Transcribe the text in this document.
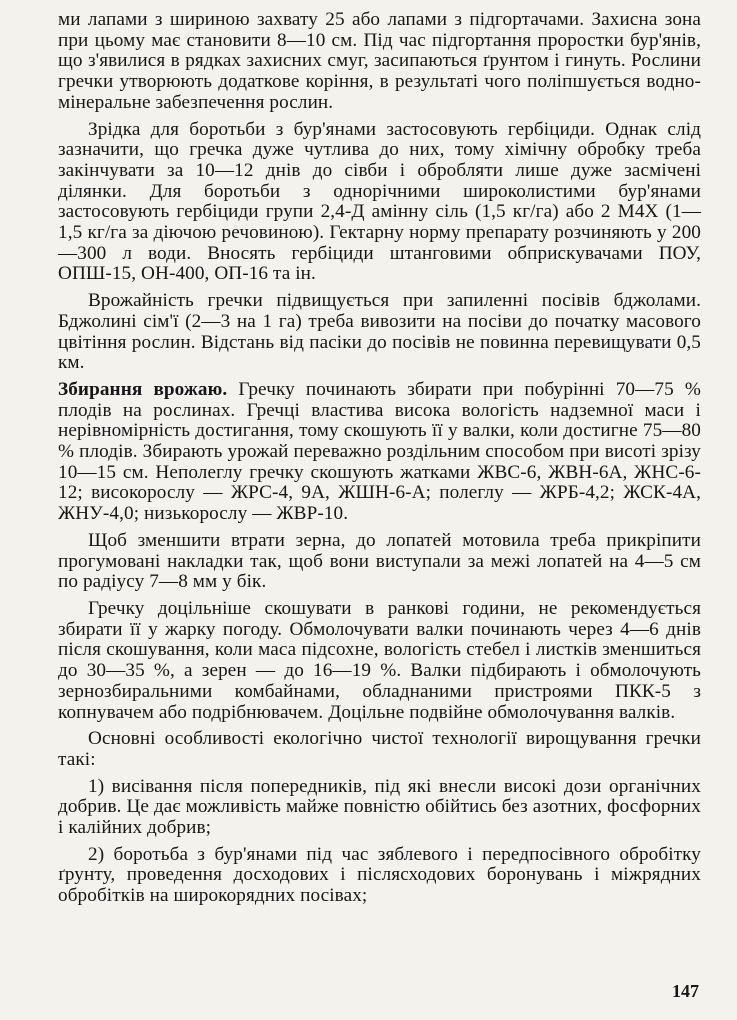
ми лапами з шириною захвату 25 або лапами з підгортачами. Захисна зона при цьому має становити 8—10 см. Під час підгортання проростки бур'янів, що з'явилися в рядках захисних смуг, засипаються ґрунтом і гинуть. Рослини гречки утворюють додаткове коріння, в результаті чого поліпшується водно-мінеральне забезпечення рослин.

Зрідка для боротьби з бур'янами застосовують гербіциди. Однак слід зазначити, що гречка дуже чутлива до них, тому хімічну обробку треба закінчувати за 10—12 днів до сівби і обробляти лише дуже засмічені ділянки. Для боротьби з однорічними широколистими бур'янами застосовують гербіциди групи 2,4-Д амінну сіль (1,5 кг/га) або 2 М4Х (1—1,5 кг/га за діючою речовиною). Гектарну норму препарату розчиняють у 200—300 л води. Вносять гербіциди штанговими обприскувачами ПОУ, ОПШ-15, ОН-400, ОП-16 та ін.

Врожайність гречки підвищується при запиленні посівів бджолами. Бджолині сім'ї (2—3 на 1 га) треба вивозити на посіви до початку масового цвітіння рослин. Відстань від пасіки до посівів не повинна перевищувати 0,5 км.

Збирання врожаю. Гречку починають збирати при побурінні 70—75 % плодів на рослинах. Гречці властива висока вологість надземної маси і нерівномірність достигання, тому скошують її у валки, коли достигне 75—80 % плодів. Збирають урожай переважно роздільним способом при висоті зрізу 10—15 см. Неполеглу гречку скошують жатками ЖВС-6, ЖВН-6А, ЖНС-6-12; високорослу — ЖРС-4, 9А, ЖШН-6-А; полеглу — ЖРБ-4,2; ЖСК-4А, ЖНУ-4,0; низькорослу — ЖВР-10.

Щоб зменшити втрати зерна, до лопатей мотовила треба прикріпити прогумовані накладки так, щоб вони виступали за межі лопатей на 4—5 см по радіусу 7—8 мм у бік.

Гречку доцільніше скошувати в ранкові години, не рекомендується збирати її у жарку погоду. Обмолочувати валки починають через 4—6 днів після скошування, коли маса підсохне, вологість стебел і листків зменшиться до 30—35 %, а зерен — до 16—19 %. Валки підбирають і обмолочують зернозбиральними комбайнами, обладнаними пристроями ПКК-5 з копнувачем або подрібнювачем. Доцільне подвійне обмолочування валків.

Основні особливості екологічно чистої технології вирощування гречки такі:

1) висівання після попередників, під які внесли високі дози органічних добрив. Це дає можливість майже повністю обійтись без азотних, фосфорних і калійних добрив;

2) боротьба з бур'янами під час зяблевого і передпосівного обробітку ґрунту, проведення досходових і післясходових боронувань і міжрядних обробітків на широкорядних посівах;

147
